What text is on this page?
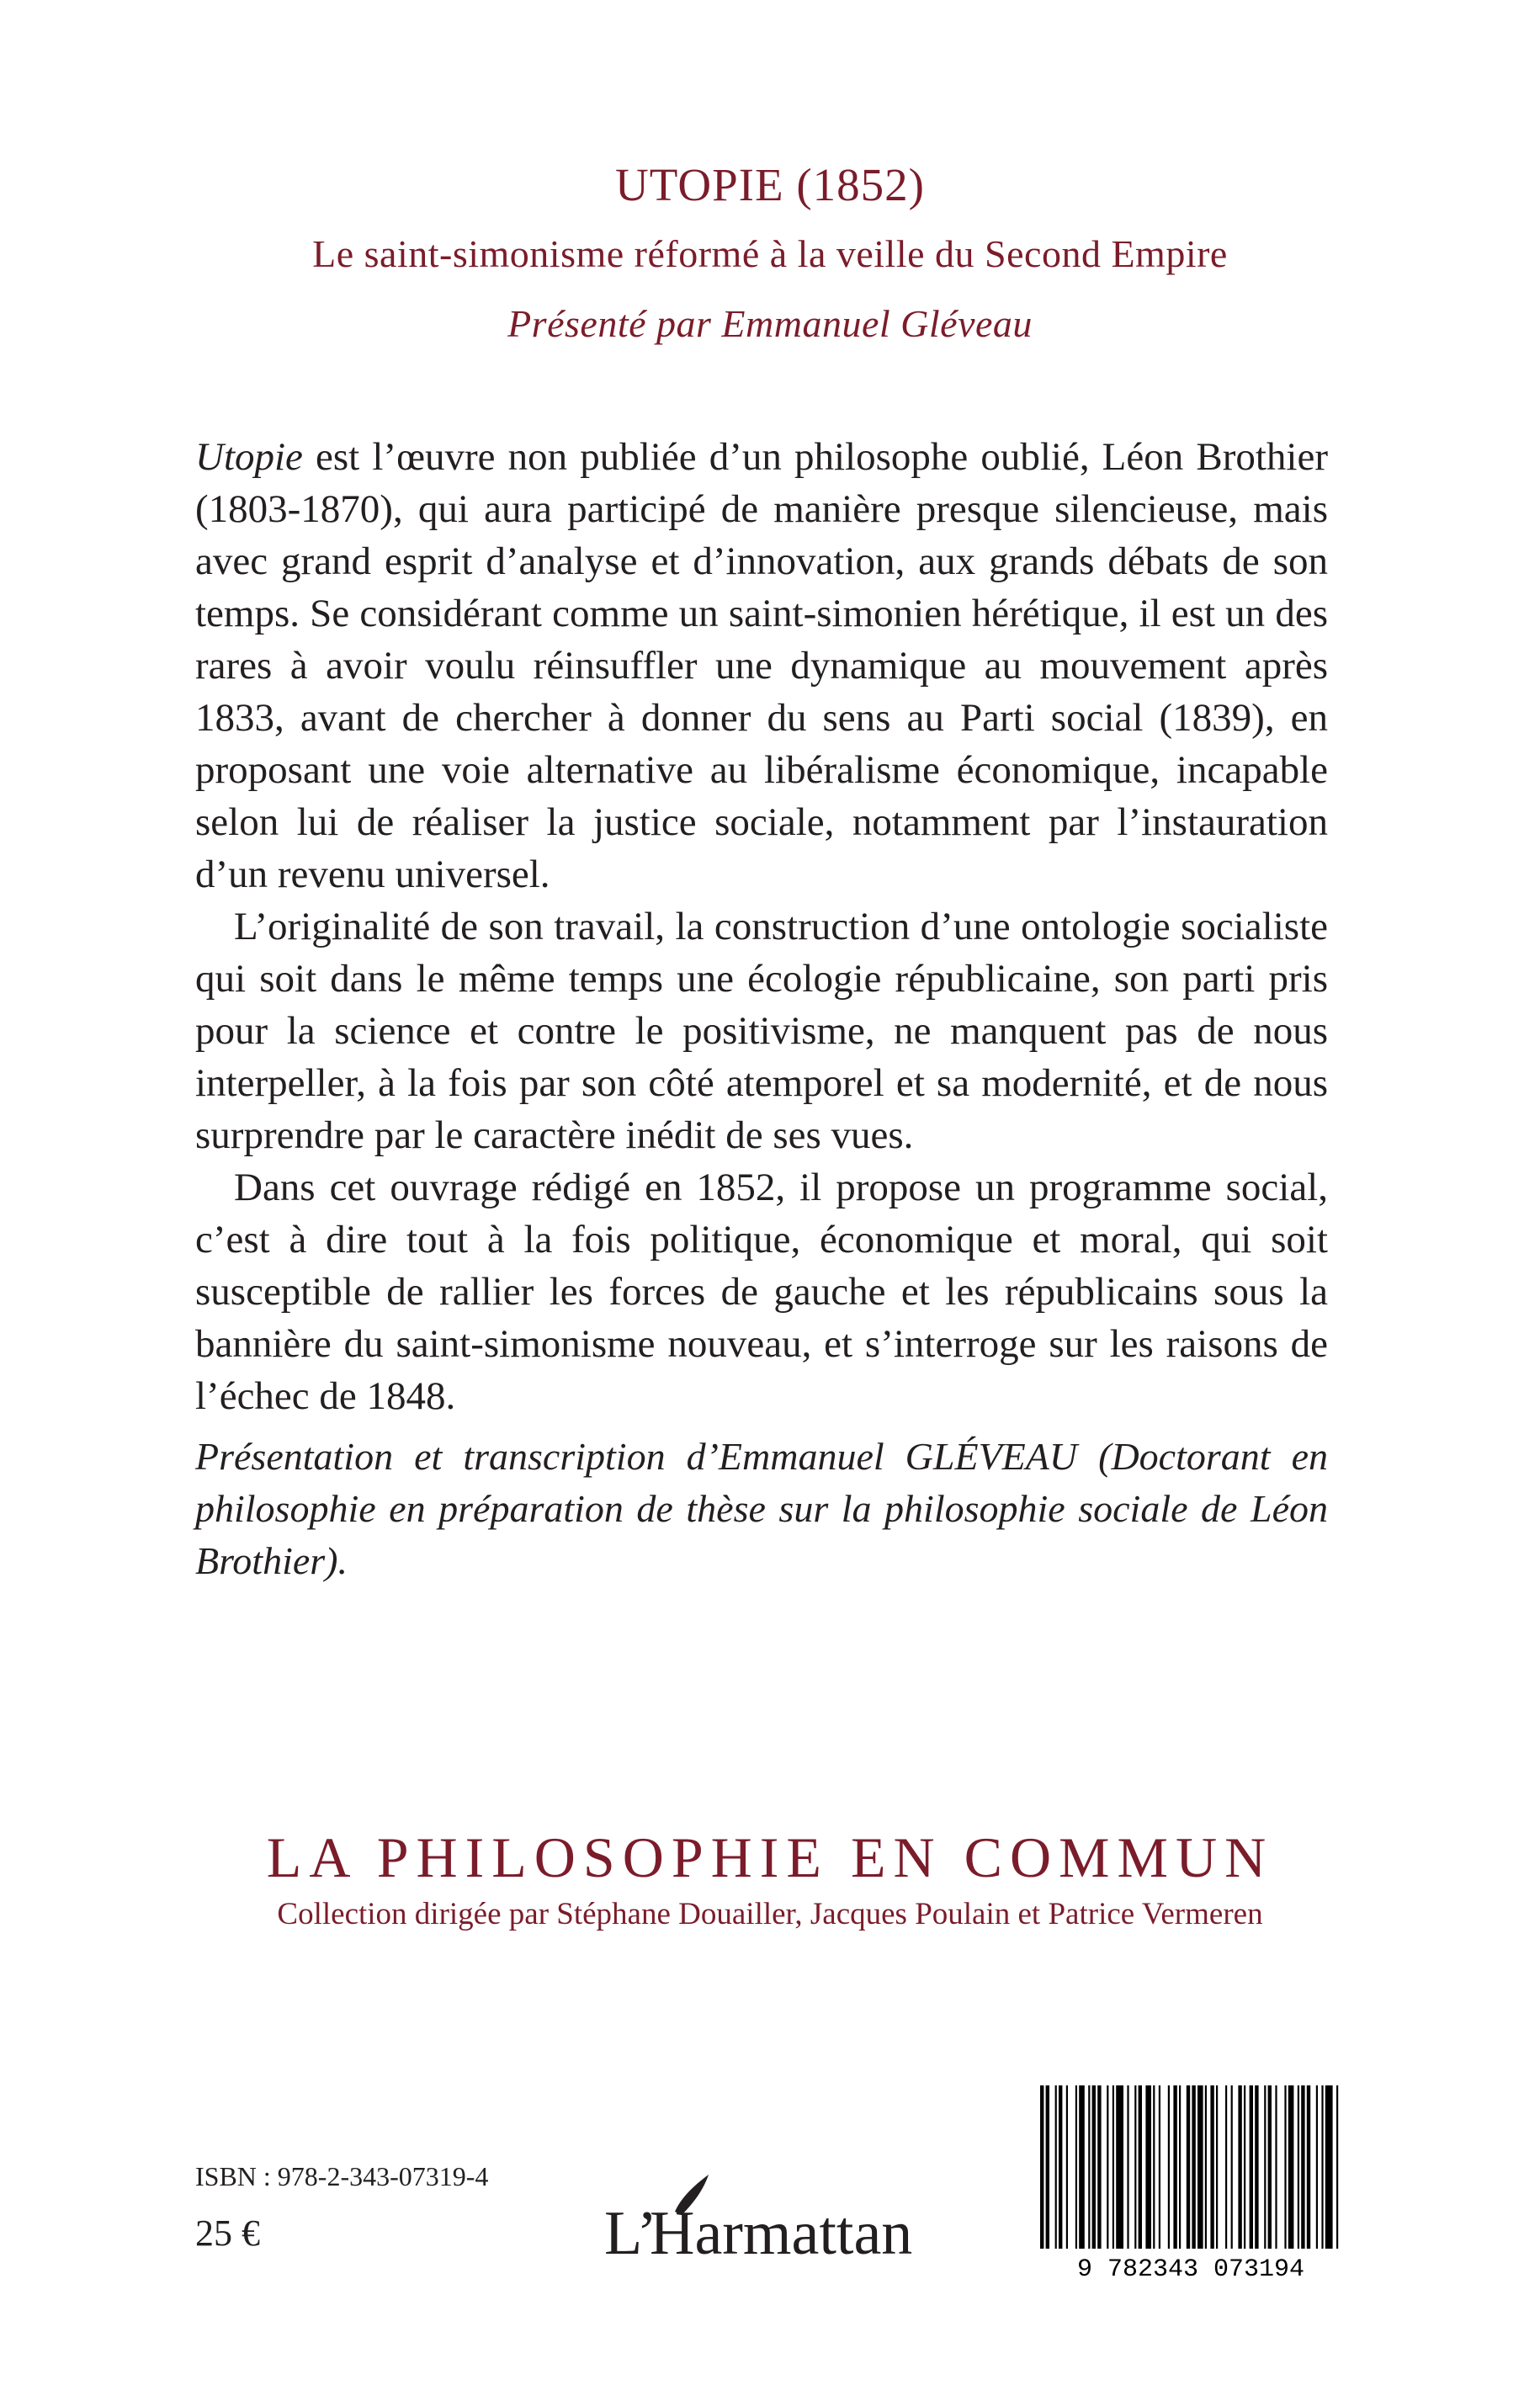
UTOPIE (1852)
Le saint-simonisme réformé à la veille du Second Empire
Présenté par Emmanuel Gléveau

Utopie est l’œuvre non publiée d’un philosophe oublié, Léon Brothier (1803-1870), qui aura participé de manière presque silencieuse, mais avec grand esprit d’analyse et d’innovation, aux grands débats de son temps. Se considérant comme un saint-simonien hérétique, il est un des rares à avoir voulu réinsuffler une dynamique au mouvement après 1833, avant de chercher à donner du sens au Parti social (1839), en proposant une voie alternative au libéralisme économique, incapable selon lui de réaliser la justice sociale, notamment par l’instauration d’un revenu universel.

L’originalité de son travail, la construction d’une ontologie socialiste qui soit dans le même temps une écologie républicaine, son parti pris pour la science et contre le positivisme, ne manquent pas de nous interpeller, à la fois par son côté atemporel et sa modernité, et de nous surprendre par le caractère inédit de ses vues.

Dans cet ouvrage rédigé en 1852, il propose un programme social, c’est à dire tout à la fois politique, économique et moral, qui soit susceptible de rallier les forces de gauche et les républicains sous la bannière du saint-simonisme nouveau, et s’interroge sur les raisons de l’échec de 1848.

Présentation et transcription d’Emmanuel GLÉVEAU (Doctorant en philosophie en préparation de thèse sur la philosophie sociale de Léon Brothier).
LA PHILOSOPHIE EN COMMUN
Collection dirigée par Stéphane Douailler, Jacques Poulain et Patrice Vermeren
ISBN : 978-2-343-07319-4
25 €	L’
Harmattan
9 782343 073194
